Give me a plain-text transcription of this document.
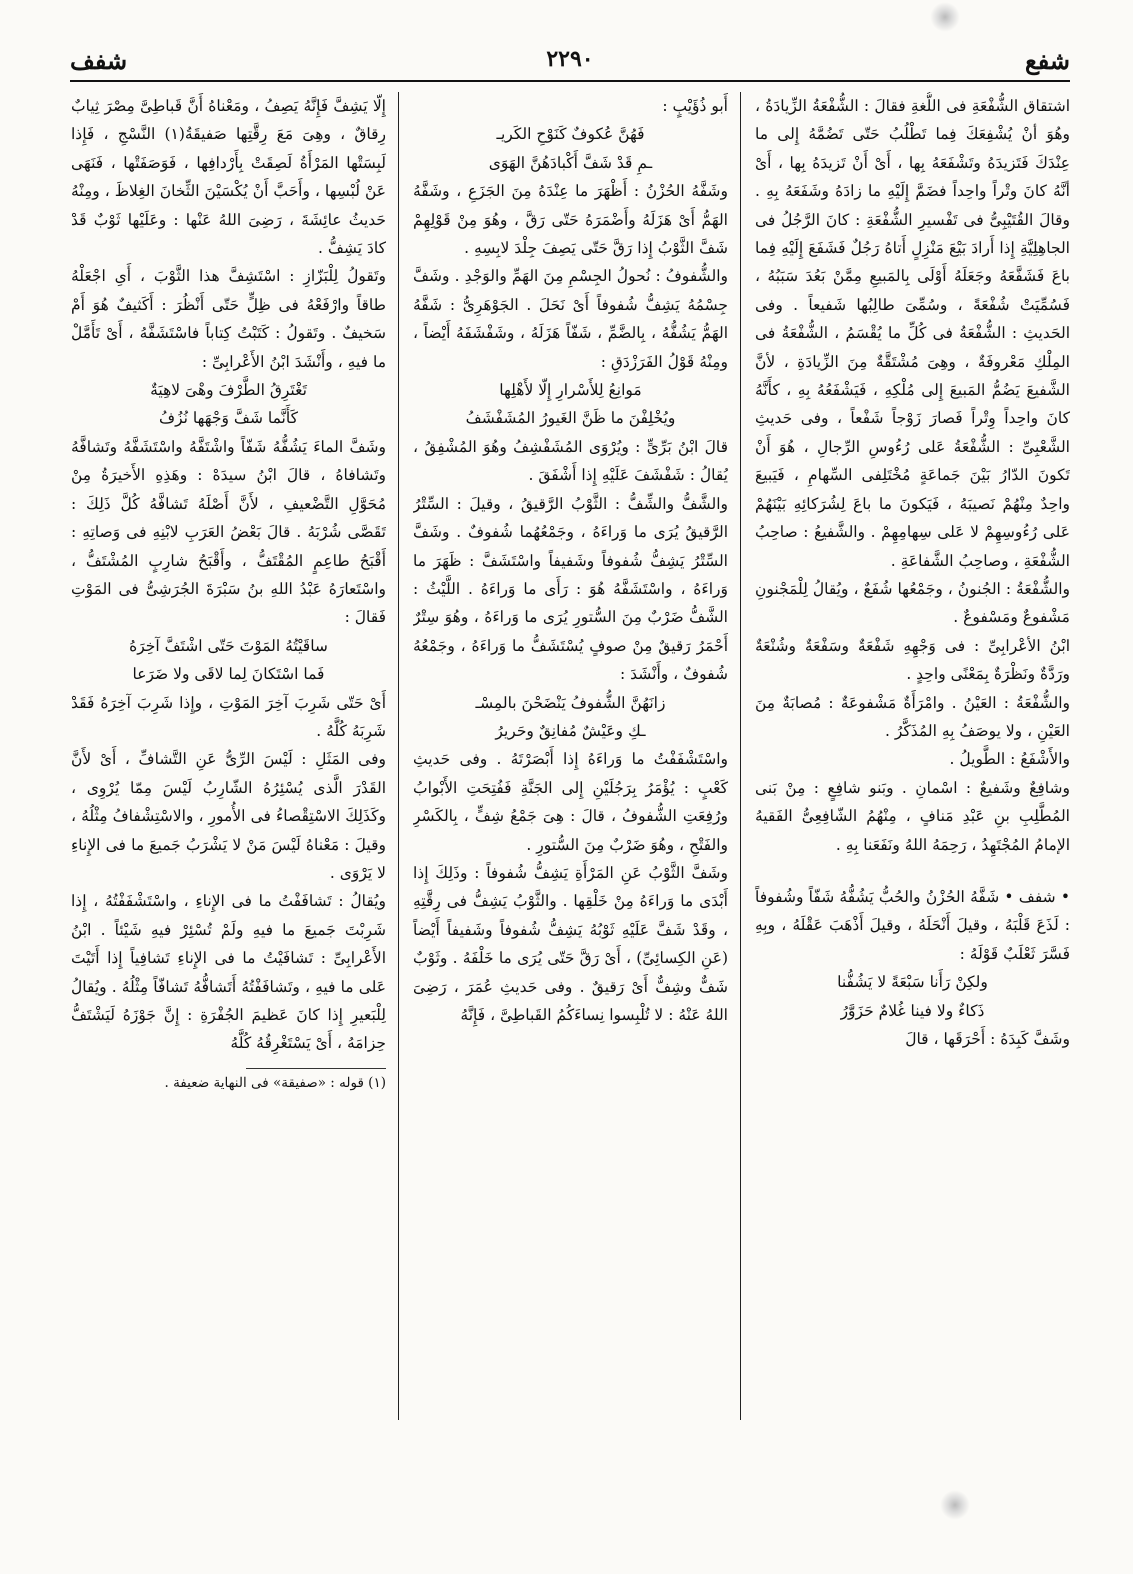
شفع
٢٢٩٠
شفف

اشتقاق الشُّفْعَةِ فى اللُّغةِ فقالَ : الشُّفْعَةُ الزِّيادَةُ ، وهُوَ أنْ يُشْفِعَكَ فِما تَطْلُبُ حَتّى تَضُمَّهُ إِلى ما عِنْدَكَ فَتَزيدَهُ وتَشْفَعَهُ بِها ، أَىْ أَنْ تَزيدَهُ بِها ، أَىْ أنَّهُ كانَ وتْراً واحِداً فضَمَّ إِلَيْهِ ما زادَهُ وشَفَعَهُ بِهِ . وقالَ القُتَيْبِىُّ فى تَفْسيرِ الشُّفْعَةِ : كانَ الرَّجُلُ فى الجاهِلِيَّةِ إِذا أَرادَ بَيْعَ مَنْزِلٍ أَتاهُ رَجُلٌ فَشَفَعَ إِلَيْهِ فِما باعَ فَشَفَّعَهُ وجَعَلَهُ أَوْلَى بِالمَبيعِ مِمَّنْ بَعُدَ سَبَبُهُ ، فَسُمِّيَتْ شُفْعَةً ، وسُمِّىَ طالِبُها شَفيعاً . وفى الحَديثِ : الشُّفْعَةُ فى كُلِّ ما يُقْسَمُ ، الشُّفْعَةُ فى المِلْكِ مَعْروفَةٌ ، وهِىَ مُشْتَقَّةٌ مِنَ الزِّيادَةِ ، لأنَّ الشَّفيعَ يَضُمُّ المَبيعَ إِلى مُلْكِهِ ، فَيَشْفَعُهُ بِهِ ، كأَنَّهُ كانَ واحِداً وِتْراً فَصارَ زَوْجاً شَفْعاً ، وفى حَديثِ الشَّعْبِىِّ : الشُّفْعَةُ عَلى رُءُوسِ الرِّجالِ ، هُوَ أَنْ تَكونَ الدّارُ بَيْنَ جَماعَةٍ مُخْتَلِفى السِّهامِ ، فَيَبيعَ واحِدٌ مِنْهُمْ نَصيبَهُ ، فَيَكونَ ما باعَ لِشُرَكائِهِ بَيْنَهُمْ عَلى رُءُوسِهِمْ لا عَلى سِهامِهِمْ . والشَّفيعُ : صاحِبُ الشُّفْعَةِ ، وصاحِبُ الشَّفاعَةِ .

والشُّفْعَةُ : الجُنونُ ، وجَمْعُها شُفَعٌ ، ويُقالُ لِلْمَجْنونِ مَشْفوعٌ ومَسْفوعٌ .

ابْنُ الأعْرابِىِّ : فى وَجْهِهِ شَفْعَةٌ وسَفْعَةٌ وشُنْعَةٌ ورَدَّةٌ ونَظْرَةٌ بِمَعْنًى واحِدٍ .

والشُّفْعَةُ : العَيْنُ . وامْرَأَةٌ مَشْفوعَةٌ : مُصابَةٌ مِنَ العَيْنِ ، ولا يوصَفُ بِهِ المُذَكَّرُ .

والأَشْفَعُ : الطَّويلُ .

وشافِعٌ وشَفيعٌ : اسْمانِ . وبَنو شافِعٍ : مِنْ بَنى المُطَّلِبِ بنِ عَبْدِ مَنافٍ ، مِنْهُمُ الشّافِعِىُّ الفَقيهُ الإمامُ المُجْتَهِدُ ، رَحِمَهُ اللهُ ونَفَعَنا بِهِ .

• شفف • شَفَّهُ الحُزْنُ والحُبُّ يَشُفُّهُ شَفّاً وشُفوفاً : لَذَعَ قَلْبَهُ ، وقيلَ أَنْحَلَهُ ، وقيلَ أَذْهَبَ عَقْلَهُ ، وبِهِ فَسَّرَ ثَعْلَبٌ قَوْلَهُ :

ولكِنْ رَأَنا سَبْعَةً لا يَشُفُّنا
ذَكاءٌ ولا فينا غُلامٌ حَزَوَّرُ

وشَفَّ كَبِدَهُ : أَحْرَقَها ، قالَ

أَبو ذُؤَيْبٍ :

فَهُنَّ عُكوفٌ كَنَوْحِ الكَريـ
ـمِ قَدْ شَفَّ أَكْبادَهُنَّ الهَوَى

وشَفَّهُ الحُزْنُ : أَظْهَرَ ما عِنْدَهُ مِنَ الجَزَعِ ، وشَفَّهُ الهَمُّ أَىْ هَزَلَهُ وأَضْمَرَهُ حَتّى رَقَّ ، وهُوَ مِنْ قَوْلِهِمْ شَفَّ الثَّوْبُ إِذا رَقَّ حَتّى يَصِفَ جِلْدَ لابِسِهِ .

والشُّفوفُ : نُحولُ الجِسْمِ مِنَ الهَمِّ والوَجْدِ . وشَفَّ جِسْمُهُ يَشِفُّ شُفوفاً أَىْ نَحَلَ . الجَوْهَرِىُّ : شَفَّهُ الهَمُّ يَشُفُّهُ ، بِالضَّمِّ ، شَفّاً هَزَلَهُ ، وشَفْشَفَهُ أَيْضاً ، ومِنْهُ قَوْلُ الفَرَزْدَقِ :

مَوانِعُ لِلأَسْرارِ إِلّا لأَهْلِها
ويُخْلِفْنَ ما ظَنَّ الغَيورُ المُشَفْشَفُ

قالَ ابْنُ بَرِّىٍّ : ويُرْوَى المُشَفْشِفُ وهُوَ المُشْفِقُ ، يُقالُ : شَفْشَفَ عَلَيْهِ إِذا أَشْفَقَ .

والشَّفُّ والشِّفُّ : الثَّوْبُ الرَّقيقُ ، وقيلَ : السِّتْرُ الرَّقيقُ يُرَى ما وَراءَهُ ، وجَمْعُهُما شُفوفٌ . وشَفَّ السِّتْرُ يَشِفُّ شُفوفاً وشَفيفاً واسْتَشَفَّ : ظَهَرَ ما وَراءَهُ ، واسْتَشَفَّهُ هُوَ : رَأَى ما وَراءَهُ . اللَّيْثُ : الشَّفُّ ضَرْبٌ مِنَ السُّتورِ يُرَى ما وَراءَهُ ، وهُوَ سِتْرٌ أَحْمَرُ رَقيقٌ مِنْ صوفٍ يُسْتَشَفُّ ما وَراءَهُ ، وجَمْعُهُ شُفوفٌ ، وأَنْشَدَ :

زانَهُنَّ الشُّفوفُ يَنْضَحْنَ بالمِسْـ
ـكِ وعَيْشٌ مُفانِقٌ وحَريرُ

واسْتَشْفَفْتُ ما وَراءَهُ إِذا أَبْصَرْتَهُ . وفى حَديثِ كَعْبٍ : يُؤْمَرُ بِرَجُلَيْنِ إِلى الجَنَّةِ فَفُتِحَتِ الأَبْوابُ ورُفِعَتِ الشُّفوفُ ، قالَ : هِىَ جَمْعُ شِفٍّ ، بِالكَسْرِ والفَتْحِ ، وهُوَ ضَرْبٌ مِنَ السُّتورِ .

وشَفَّ الثَّوْبُ عَنِ المَرْأَةِ يَشِفُّ شُفوفاً : وذَلِكَ إِذا أَبْدَى ما وَراءَهُ مِنْ خَلْقِها . والثَّوْبُ يَشِفُّ فى رِقَّتِهِ ، وقَدْ شَفَّ عَلَيْهِ ثَوْبُهُ يَشِفُّ شُفوفاً وشَفيفاً أَيْضاً (عَنِ الكِسائِىِّ) ، أَىْ رَقَّ حَتّى يُرَى ما خَلْفَهُ . وثَوْبٌ شَفٌّ وشِفٌّ أَىْ رَقيقٌ . وفى حَديثِ عُمَرَ ، رَضِىَ اللهُ عَنْهُ : لا تُلْبِسوا نِساءَكُمُ القَباطِىَّ ، فَإِنَّهُ

إِلّا يَشِفَّ فَإِنَّهُ يَصِفُ ، ومَعْناهُ أَنَّ قَباطِىَّ مِصْرَ ثِيابٌ رِقاقٌ ، وهِىَ مَعَ رِقَّتِها صَفيقَةُ(١) النَّسْجِ ، فَإِذا لَبِسَتْها المَرْأَةُ لَصِقَتْ بِأَرْدافِها ، فَوَصَفَتْها ، فَنَهَى عَنْ لُبْسِها ، وأَحَبَّ أَنْ يُكْسَيْنَ الثِّخانَ الغِلاظَ ، ومِنْهُ حَديثُ عائِشَةَ ، رَضِىَ اللهُ عَنْها : وعَلَيْها ثَوْبٌ قَدْ كادَ يَشِفُّ .

وتَقولُ لِلْبَزّازِ : اسْتَشِفَّ هذا الثَّوْبَ ، أَىِ اجْعَلْهُ طاقاً وارْفَعْهُ فى ظِلٍّ حَتّى أَنْظُرَ : أَكَثيفٌ هُوَ أَمْ سَخيفٌ . وتَقولُ : كَتَبْتُ كِتاباً فاسْتَشَفَّهُ ، أَىْ تَأَمَّلْ ما فيهِ ، وأَنْشَدَ ابْنُ الأَعْرابِىِّ :

تَغْتَرِقُ الطَّرْفَ وهْىَ لاهِيَةٌ
كَأَنَّما شَفَّ وَجْهَها نُزُفُ

وشَفَّ الماءَ يَشُفُّهُ شَفّاً واشْتَفَّهُ واسْتَشَفَّهُ وتَشافَّهُ وتَشافاهُ ، قالَ ابْنُ سيدَهْ : وهَذِهِ الأَخيرَةُ مِنْ مُحَوَّلِ التَّضْعيفِ ، لأَنَّ أَصْلَهُ تَشافَّهُ كُلَّ ذَلِكَ : تَقَصَّى شُرْبَهُ . قالَ بَعْضُ العَرَبِ لابْنِهِ فى وَصاتِهِ : أَقْبَحُ طاعِمٍ المُقْتَفُّ ، وأَقْبَحُ شارِبٍ المُشْتَفُّ ، واسْتَعارَهُ عَبْدُ اللهِ بنُ سَبْرَةَ الجُرَشِىُّ فى المَوْتِ فَقالَ :

ساقَيْتُهُ المَوْتَ حَتّى اشْتَفَّ آخِرَهُ
فَما اسْتَكانَ لِما لاقَى ولا ضَرَعا

أَىْ حَتّى شَرِبَ آخِرَ المَوْتِ ، وإِذا شَرِبَ آخِرَهُ فَقَدْ شَرِبَهُ كُلَّهُ .

وفى المَثَلِ : لَيْسَ الرِّىُّ عَنِ التَّشافِّ ، أَىْ لأَنَّ القَدْرَ الَّذى يُسْئِرُهُ الشّارِبُ لَيْسَ مِمّا يُرْوِى ، وكَذَلِكَ الاسْتِقْصاءُ فى الأُمورِ ، والاسْتِشْفافُ مِثْلُهُ ، وقيلَ : مَعْناهُ لَيْسَ مَنْ لا يَشْرَبُ جَميعَ ما فى الإِناءِ لا يَرْوَى .

ويُقالُ : تَشافَفْتُ ما فى الإِناءِ ، واسْتَشْفَفْتُهُ ، إِذا شَرِبْتَ جَميعَ ما فيهِ ولَمْ تُسْئِرْ فيهِ شَيْئاً . ابْنُ الأَعْرابِىِّ : تَشافَيْتُ ما فى الإِناءِ تَشافِياً إِذا أَتَيْتَ عَلى ما فيهِ ، وتَشافَفْتُهُ أَتَشافُّهُ تَشافّاً مِثْلُهُ . ويُقالُ لِلْبَعيرِ إِذا كانَ عَظيمَ الجُفْرَةِ : إِنَّ جَوْزَهُ لَيَشْتَفُّ حِزامَهُ ، أَىْ يَسْتَغْرِقُهُ كُلَّهُ

(١) قوله : «صفيقة» فى النهاية ضعيفة .
